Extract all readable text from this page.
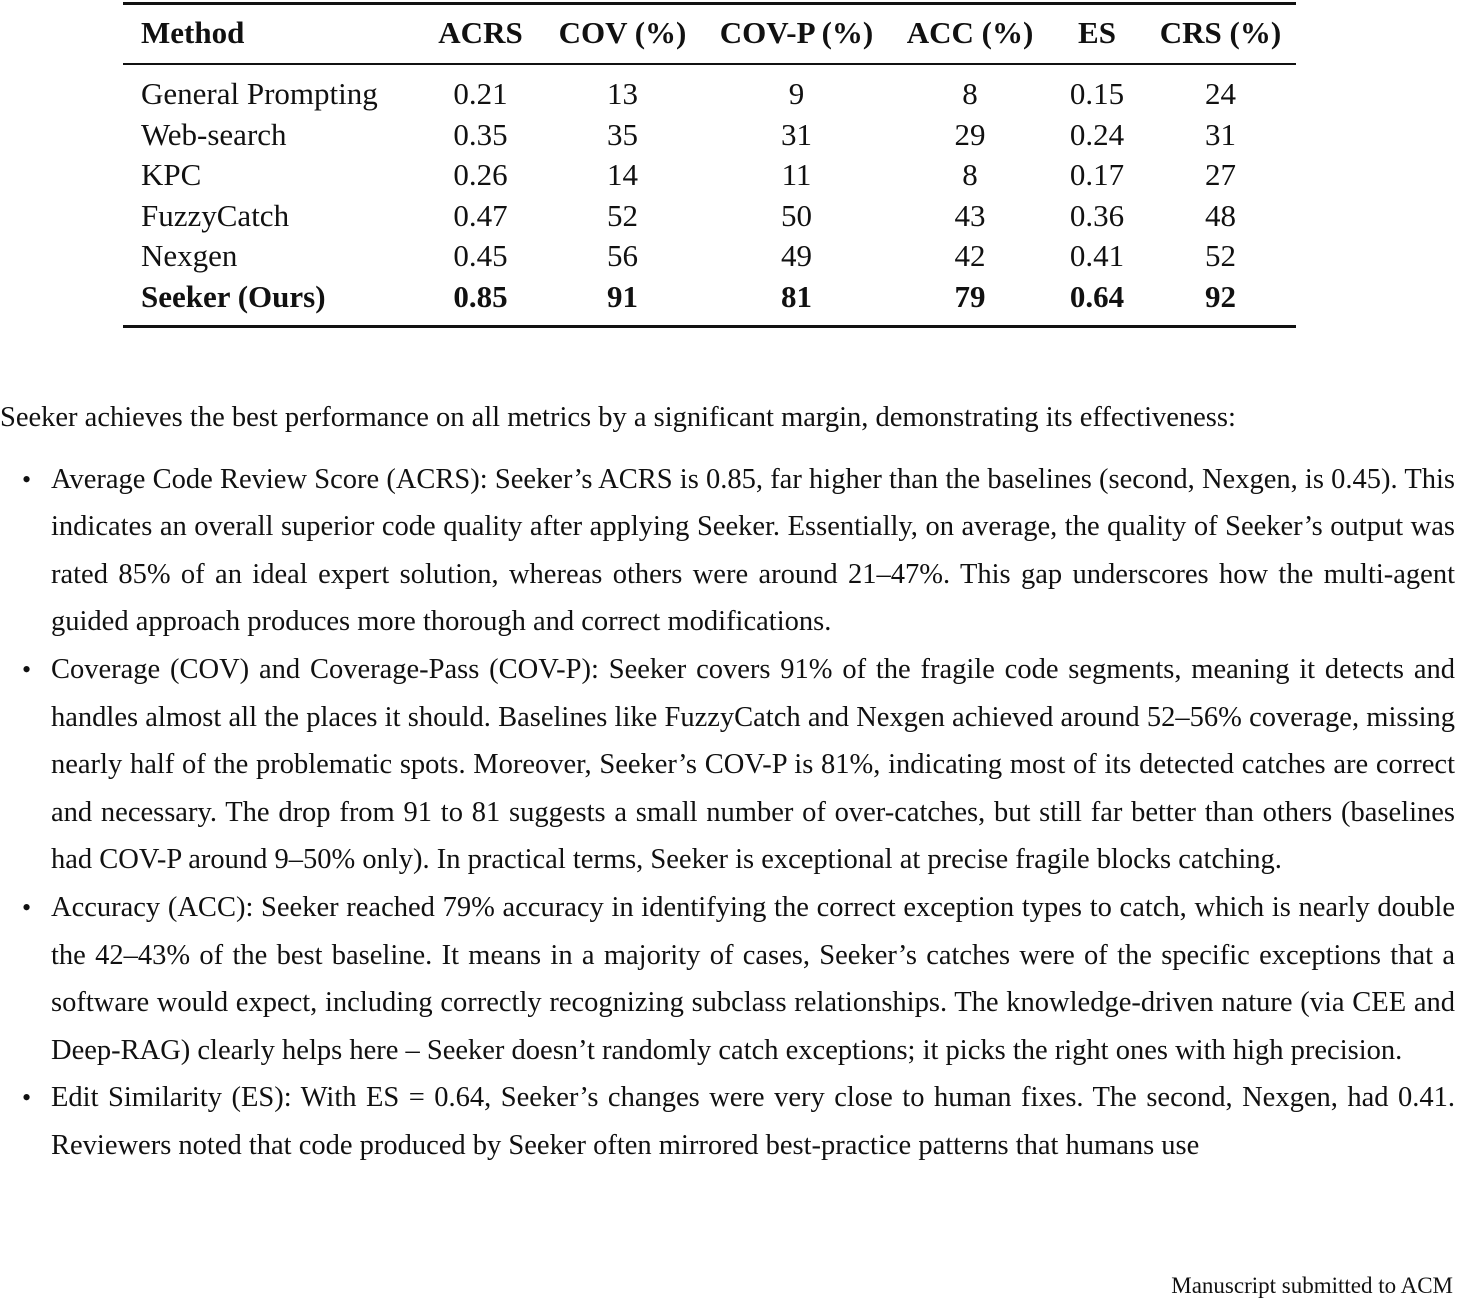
Method	ACRS	COV (%)	COV-P (%)	ACC (%)	ES	CRS (%)
General Prompting	0.21	13	9	8	0.15	24
Web-search	0.35	35	31	29	0.24	31
KPC	0.26	14	11	8	0.17	27
FuzzyCatch	0.47	52	50	43	0.36	48
Nexgen	0.45	56	49	42	0.41	52
Seeker (Ours)	0.85	91	81	79	0.64	92

Seeker achieves the best performance on all metrics by a significant margin, demonstrating its effectiveness:

• Average Code Review Score (ACRS): Seeker’s ACRS is 0.85, far higher than the baselines (second, Nexgen, is 0.45). This indicates an overall superior code quality after applying Seeker. Essentially, on average, the quality of Seeker’s output was rated 85% of an ideal expert solution, whereas others were around 21–47%. This gap underscores how the multi-agent guided approach produces more thorough and correct modifications.
• Coverage (COV) and Coverage-Pass (COV-P): Seeker covers 91% of the fragile code segments, meaning it detects and handles almost all the places it should. Baselines like FuzzyCatch and Nexgen achieved around 52–56% coverage, missing nearly half of the problematic spots. Moreover, Seeker’s COV-P is 81%, indicating most of its detected catches are correct and necessary. The drop from 91 to 81 suggests a small number of over-catches, but still far better than others (baselines had COV-P around 9–50% only). In practical terms, Seeker is exceptional at precise fragile blocks catching.
• Accuracy (ACC): Seeker reached 79% accuracy in identifying the correct exception types to catch, which is nearly double the 42–43% of the best baseline. It means in a majority of cases, Seeker’s catches were of the specific exceptions that a software would expect, including correctly recognizing subclass relationships. The knowledge-driven nature (via CEE and Deep-RAG) clearly helps here – Seeker doesn’t randomly catch exceptions; it picks the right ones with high precision.
• Edit Similarity (ES): With ES = 0.64, Seeker’s changes were very close to human fixes. The second, Nexgen, had 0.41. Reviewers noted that code produced by Seeker often mirrored best-practice patterns that humans use
Manuscript submitted to ACM
